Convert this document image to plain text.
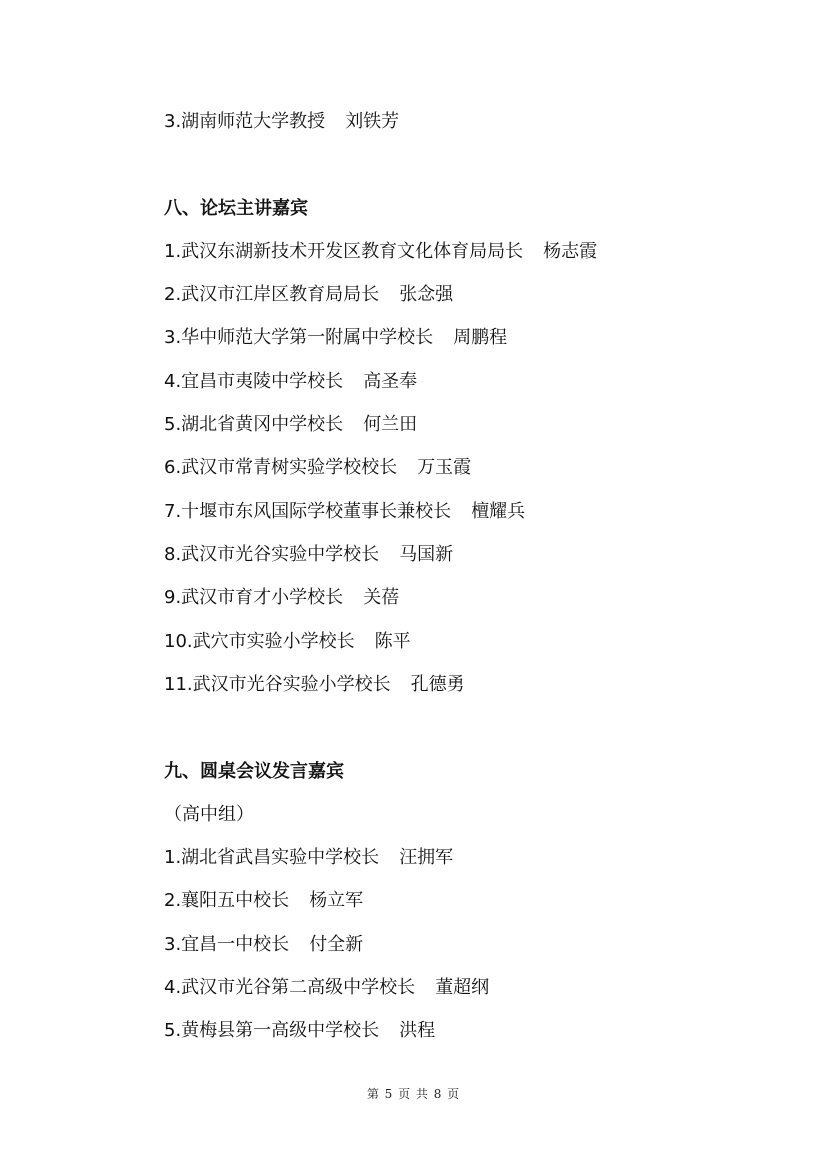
3.湖南师范大学教授 刘铁芳
八、论坛主讲嘉宾
1.武汉东湖新技术开发区教育文化体育局局长 杨志霞
2.武汉市江岸区教育局局长 张念强
3.华中师范大学第一附属中学校长 周鹏程
4.宜昌市夷陵中学校长 高圣奉
5.湖北省黄冈中学校长 何兰田
6.武汉市常青树实验学校校长 万玉霞
7.十堰市东风国际学校董事长兼校长 檀耀兵
8.武汉市光谷实验中学校长 马国新
9.武汉市育才小学校长 关蓓
10.武穴市实验小学校长 陈平
11.武汉市光谷实验小学校长 孔德勇
九、圆桌会议发言嘉宾
（高中组）
1.湖北省武昌实验中学校长 汪拥军
2.襄阳五中校长 杨立军
3.宜昌一中校长 付全新
4.武汉市光谷第二高级中学校长 董超纲
5.黄梅县第一高级中学校长 洪程
第 5 页 共 8 页
